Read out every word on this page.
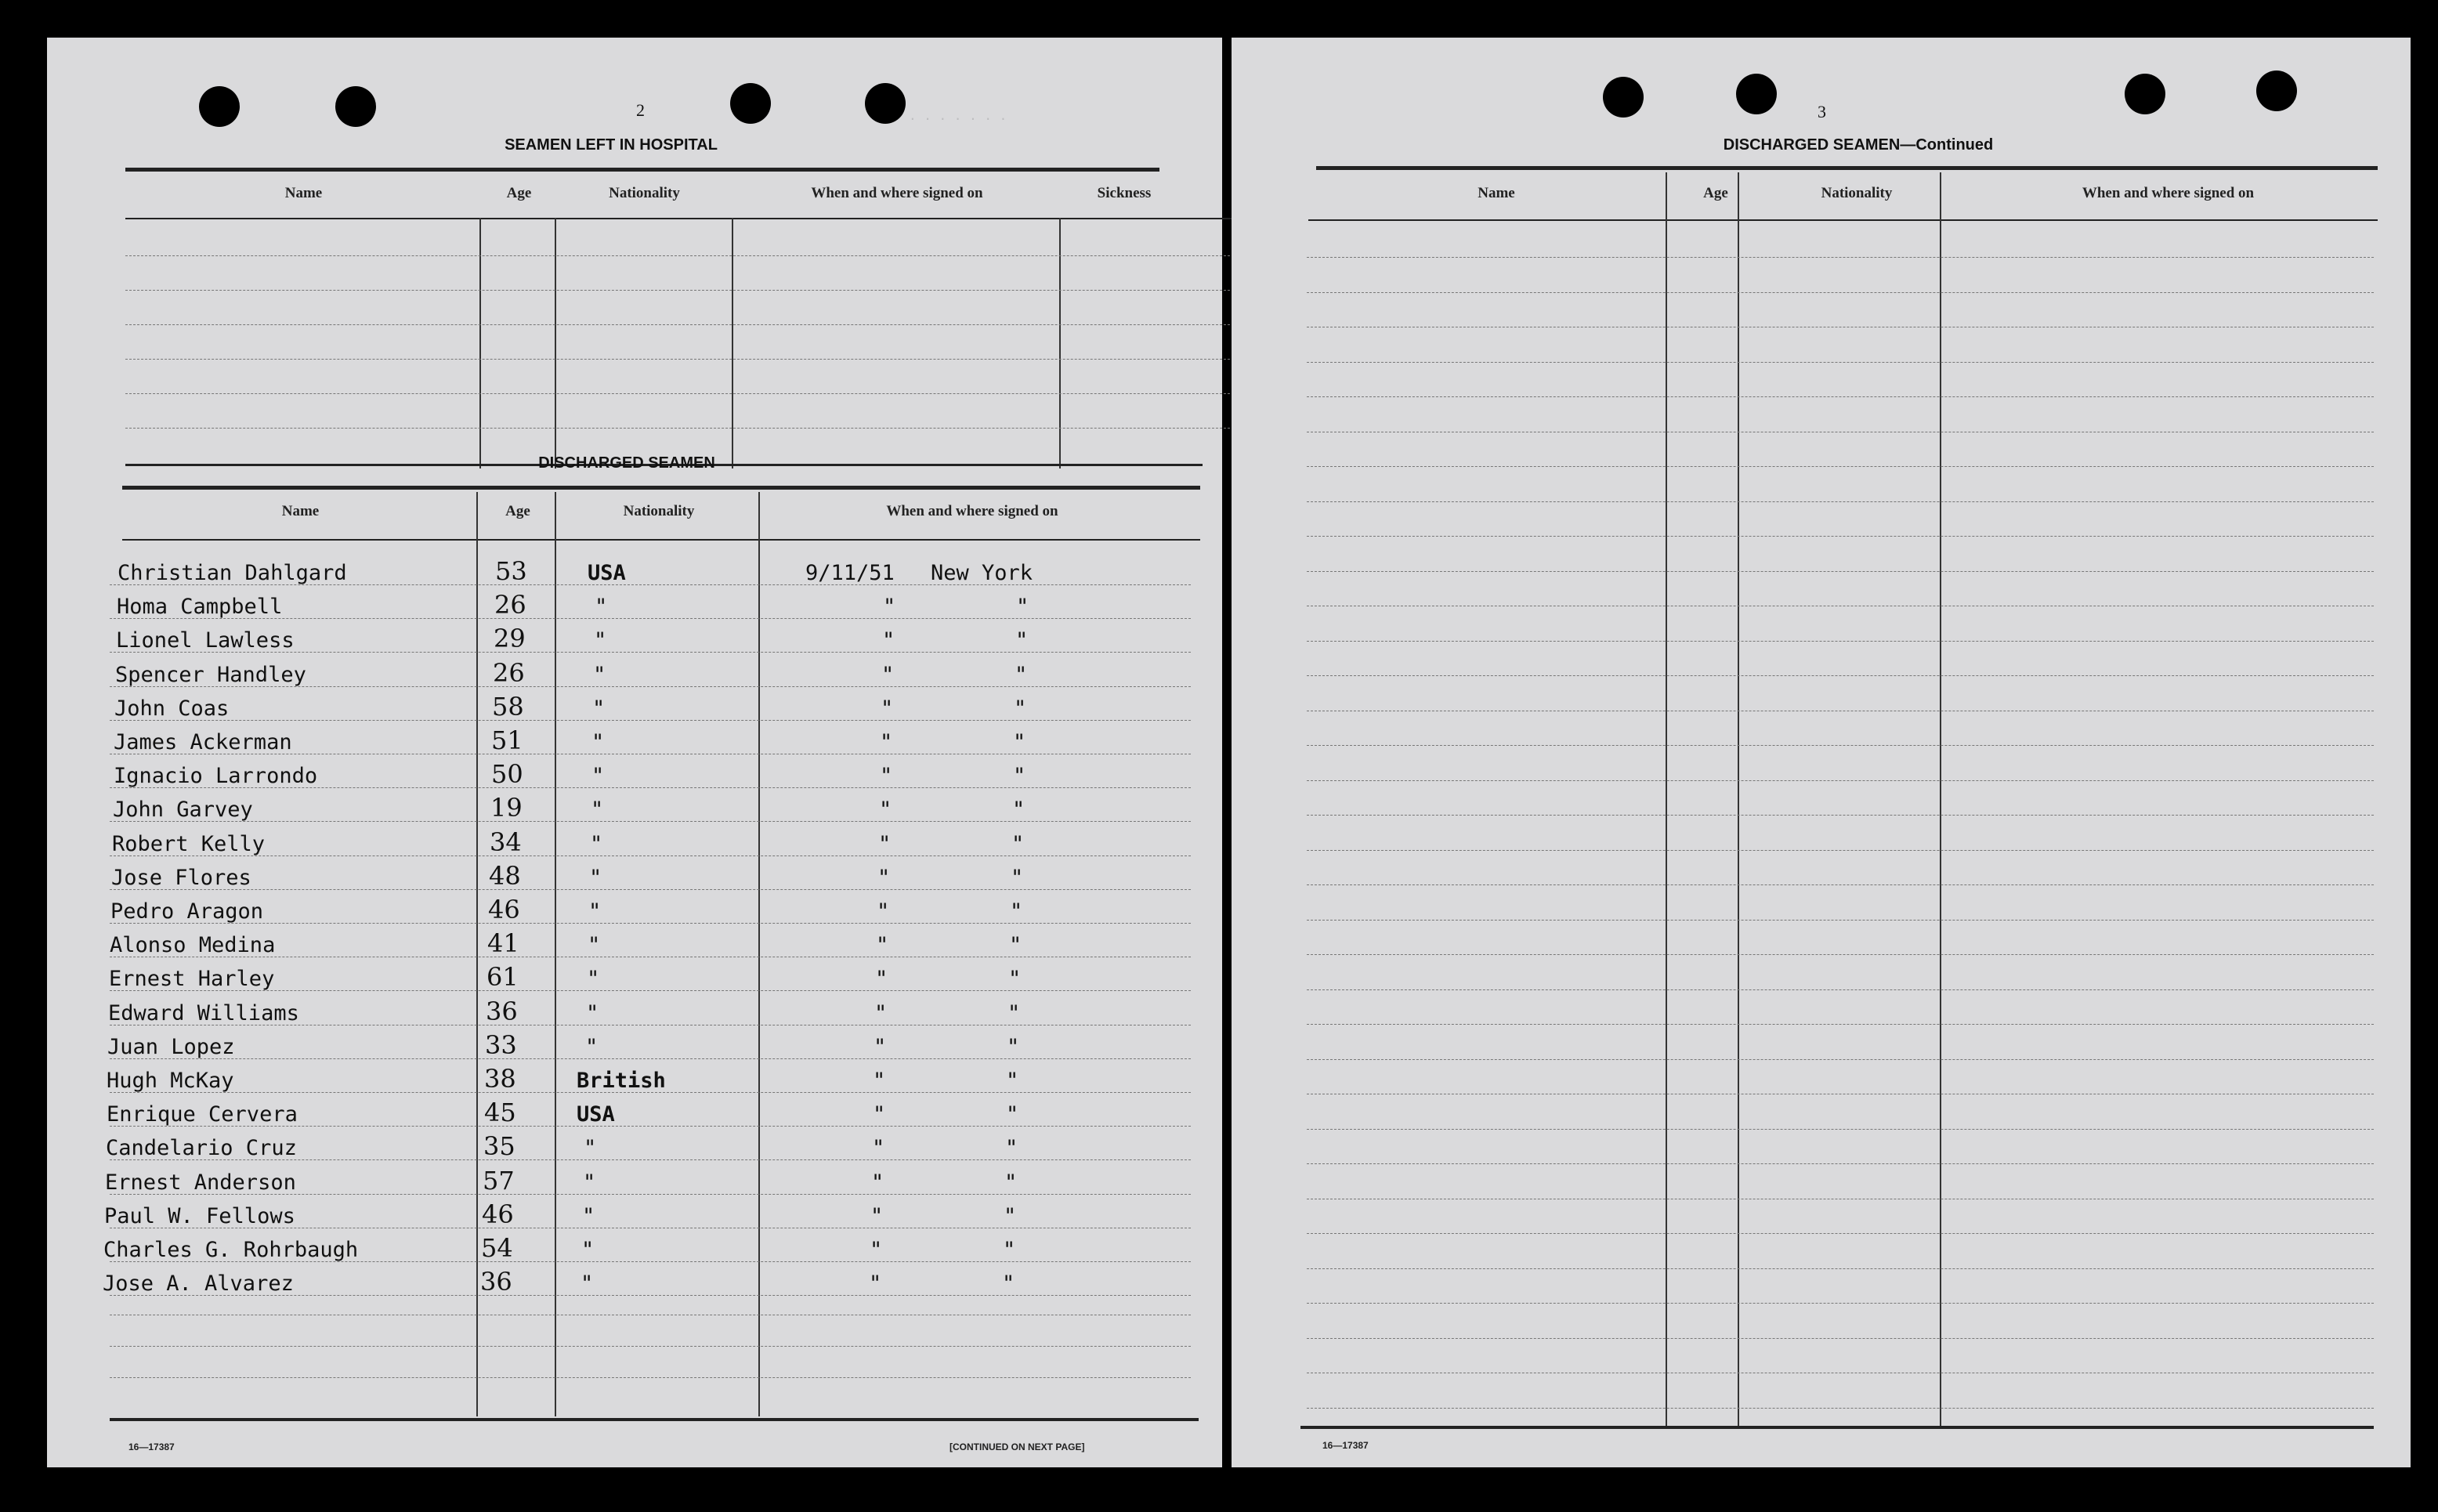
2
SEAMEN LEFT IN HOSPITAL
Name	Age	Nationality	When and where signed on	Sickness
DISCHARGED SEAMEN
Name	Age	Nationality	When and where signed on
Christian Dahlgard	53	USA	9/11/51 New York
Homa Campbell	26	"	"	"
Lionel Lawless	29	"	"	"
Spencer Handley	26	"	"	"
John Coas	58	"	"	"
James Ackerman	51	"	"	"
Ignacio Larrondo	50	"	"	"
John Garvey	19	"	"	"
Robert Kelly	34	"	"	"
Jose Flores	48	"	"	"
Pedro Aragon	46	"	"	"
Alonso Medina	41	"	"	"
Ernest Harley	61	"	"	"
Edward Williams	36	"	"	"
Juan Lopez	33	"	"	"
Hugh McKay	38	British	"	"
Enrique Cervera	45	USA	"	"
Candelario Cruz	35	"	"	"
Ernest Anderson	57	"	"	"
Paul W. Fellows	46	"	"	"
Charles G. Rohrbaugh	54	"	"	"
Jose A. Alvarez	36	"	"	"
16—17387	[CONTINUED ON NEXT PAGE]
. . . . . . .	3
DISCHARGED SEAMEN—Continued
Name	Age	Nationality	When and where signed on
16—17387
